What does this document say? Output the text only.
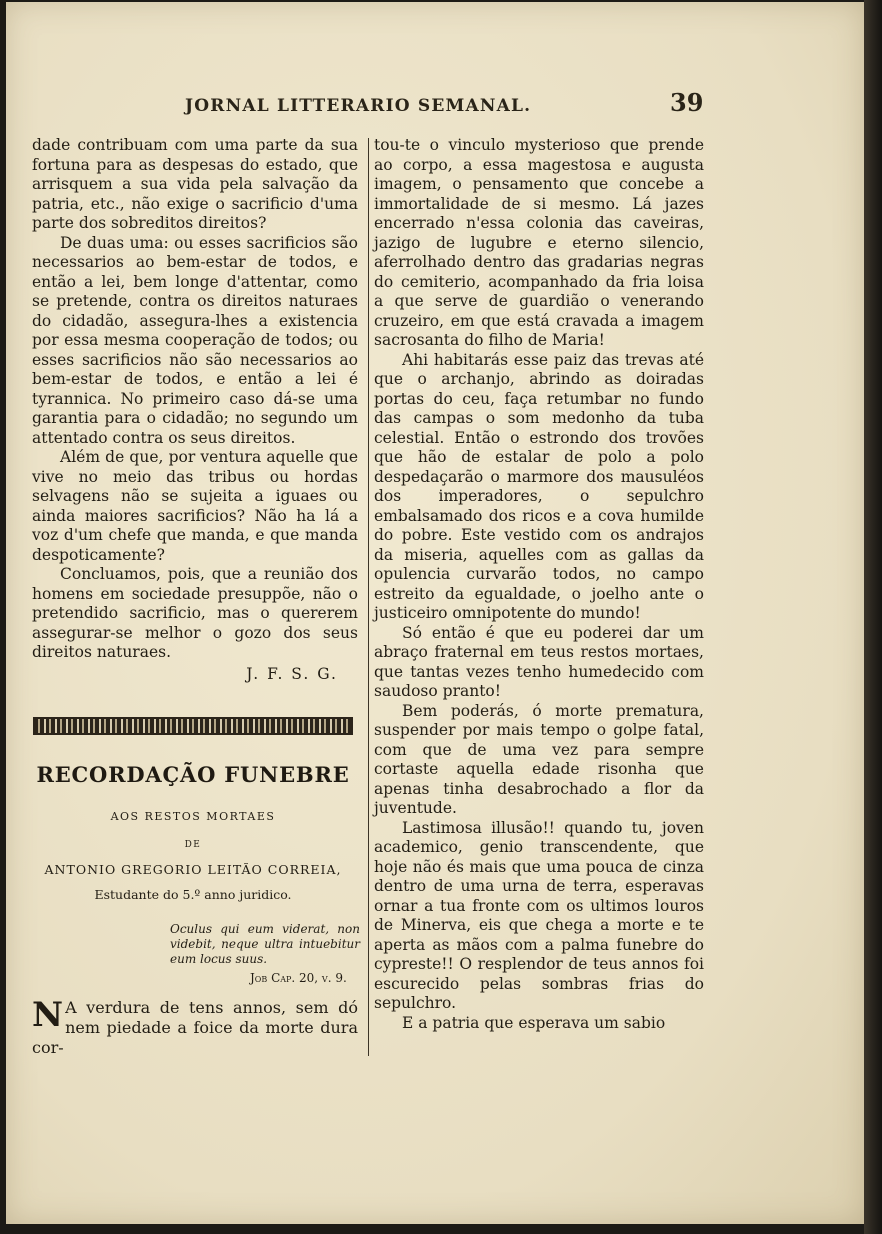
JORNAL LITTERARIO SEMANAL.	39

dade contribuam com uma parte da sua fortuna para as despesas do estado, que arrisquem a sua vida pela salvação da patria, etc., não exige o sacrificio d'uma parte dos sobreditos direitos?

De duas uma: ou esses sacrificios são necessarios ao bem-estar de todos, e então a lei, bem longe d'attentar, como se pretende, contra os direitos naturaes do cidadão, assegura-lhes a existencia por essa mesma cooperação de todos; ou esses sacrificios não são necessarios ao bem-estar de todos, e então a lei é tyrannica. No primeiro caso dá-se uma garantia para o cidadão; no segundo um attentado contra os seus direitos.

Além de que, por ventura aquelle que vive no meio das tribus ou hordas selvagens não se sujeita a iguaes ou ainda maiores sacrificios? Não ha lá a voz d'um chefe que manda, e que manda despoticamente?

Concluamos, pois, que a reunião dos homens em sociedade presuppõe, não o pretendido sacrificio, mas o quererem assegurar-se melhor o gozo dos seus direitos naturaes.

J. F. S. G.

RECORDAÇÃO FUNEBRE
AOS RESTOS MORTAES
DE
ANTONIO GREGORIO LEITÃO CORREIA,
Estudante do 5.º anno juridico.
Oculus qui eum viderat, non videbit, neque ultra intuebitur eum locus suus.
Job Cap. 20, v. 9.
N A verdura de tens annos, sem dó nem piedade a foice da morte dura cor-

tou-te o vinculo mysterioso que prende ao corpo, a essa magestosa e augusta imagem, o pensamento que concebe a immortalidade de si mesmo. Lá jazes encerrado n'essa colonia das caveiras, jazigo de lugubre e eterno silencio, aferrolhado dentro das gradarias negras do cemiterio, acompanhado da fria loisa a que serve de guardião o venerando cruzeiro, em que está cravada a imagem sacrosanta do filho de Maria!

Ahi habitarás esse paiz das trevas até que o archanjo, abrindo as doiradas portas do ceu, faça retumbar no fundo das campas o som medonho da tuba celestial. Então o estrondo dos trovões que hão de estalar de polo a polo despedaçarão o marmore dos mausuléos dos imperadores, o sepulchro embalsamado dos ricos e a cova humilde do pobre. Este vestido com os andrajos da miseria, aquelles com as gallas da opulencia curvarão todos, no campo estreito da egualdade, o joelho ante o justiceiro omnipotente do mundo!

Só então é que eu poderei dar um abraço fraternal em teus restos mortaes, que tantas vezes tenho humedecido com saudoso pranto!

Bem poderás, ó morte prematura, suspender por mais tempo o golpe fatal, com que de uma vez para sempre cortaste aquella edade risonha que apenas tinha desabrochado a flor da juventude.

Lastimosa illusão!! quando tu, joven academico, genio transcendente, que hoje não és mais que uma pouca de cinza dentro de uma urna de terra, esperavas ornar a tua fronte com os ultimos louros de Minerva, eis que chega a morte e te aperta as mãos com a palma funebre do cypreste!! O resplendor de teus annos foi escurecido pelas sombras frias do sepulchro.

E a patria que esperava um sabio
